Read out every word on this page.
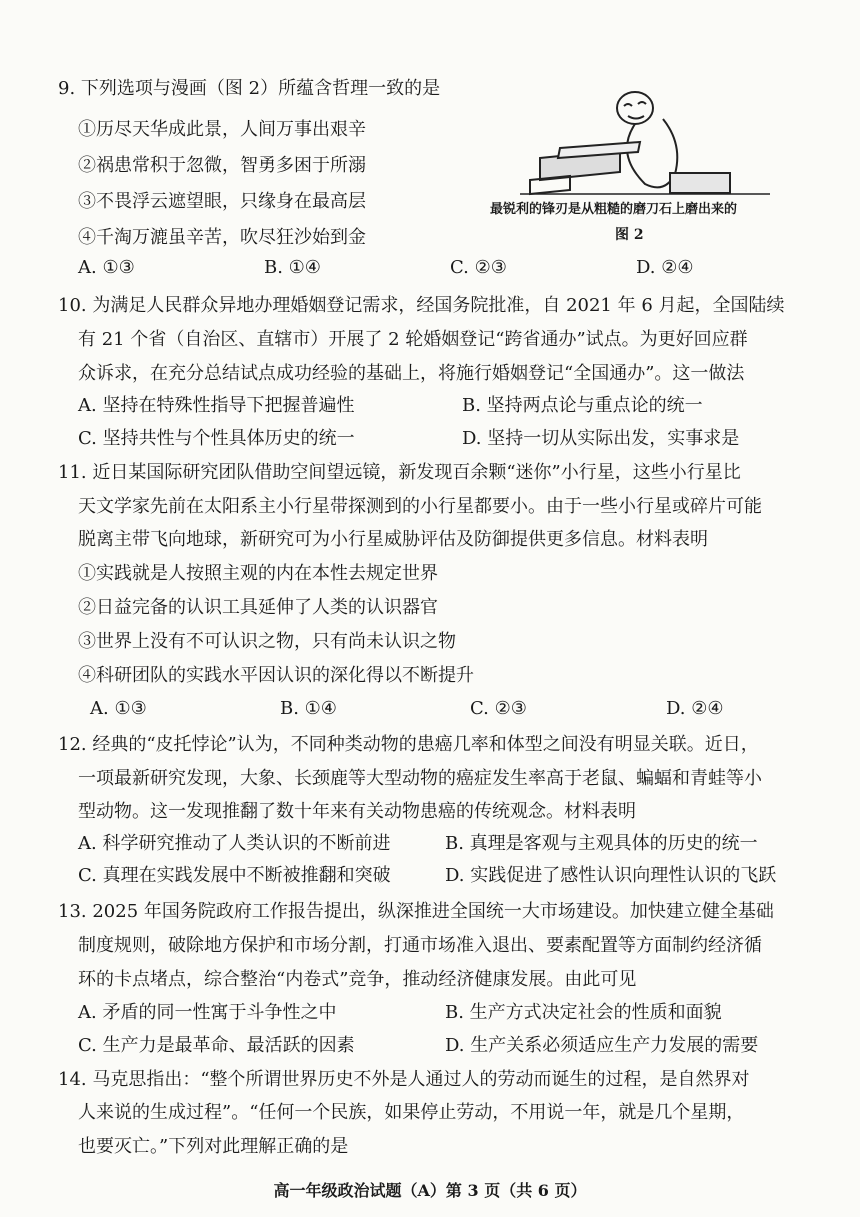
9. 下列选项与漫画（图 2）所蕴含哲理一致的是
①历尽天华成此景，人间万事出艰辛
②祸患常积于忽微，智勇多困于所溺
③不畏浮云遮望眼，只缘身在最高层
④千淘万漉虽辛苦，吹尽狂沙始到金
A. ①③	B. ①④	C. ②③	D. ②④
最锐利的锋刃是从粗糙的磨刀石上磨出来的
图 2
10. 为满足人民群众异地办理婚姻登记需求，经国务院批准，自 2021 年 6 月起，全国陆续
有 21 个省（自治区、直辖市）开展了 2 轮婚姻登记“跨省通办”试点。为更好回应群
众诉求，在充分总结试点成功经验的基础上，将施行婚姻登记“全国通办”。这一做法
A. 坚持在特殊性指导下把握普遍性	B. 坚持两点论与重点论的统一
C. 坚持共性与个性具体历史的统一	D. 坚持一切从实际出发，实事求是
11. 近日某国际研究团队借助空间望远镜，新发现百余颗“迷你”小行星，这些小行星比
天文学家先前在太阳系主小行星带探测到的小行星都要小。由于一些小行星或碎片可能
脱离主带飞向地球，新研究可为小行星威胁评估及防御提供更多信息。材料表明
①实践就是人按照主观的内在本性去规定世界
②日益完备的认识工具延伸了人类的认识器官
③世界上没有不可认识之物，只有尚未认识之物
④科研团队的实践水平因认识的深化得以不断提升
A. ①③	B. ①④	C. ②③	D. ②④
12. 经典的“皮托悖论”认为，不同种类动物的患癌几率和体型之间没有明显关联。近日，
一项最新研究发现，大象、长颈鹿等大型动物的癌症发生率高于老鼠、蝙蝠和青蛙等小
型动物。这一发现推翻了数十年来有关动物患癌的传统观念。材料表明
A. 科学研究推动了人类认识的不断前进	B. 真理是客观与主观具体的历史的统一
C. 真理在实践发展中不断被推翻和突破	D. 实践促进了感性认识向理性认识的飞跃
13. 2025 年国务院政府工作报告提出，纵深推进全国统一大市场建设。加快建立健全基础
制度规则，破除地方保护和市场分割，打通市场准入退出、要素配置等方面制约经济循
环的卡点堵点，综合整治“内卷式”竞争，推动经济健康发展。由此可见
A. 矛盾的同一性寓于斗争性之中	B. 生产方式决定社会的性质和面貌
C. 生产力是最革命、最活跃的因素	D. 生产关系必须适应生产力发展的需要
14. 马克思指出：“整个所谓世界历史不外是人通过人的劳动而诞生的过程，是自然界对
人来说的生成过程”。“任何一个民族，如果停止劳动，不用说一年，就是几个星期，
也要灭亡。”下列对此理解正确的是
高一年级政治试题（A）第 3 页（共 6 页）
